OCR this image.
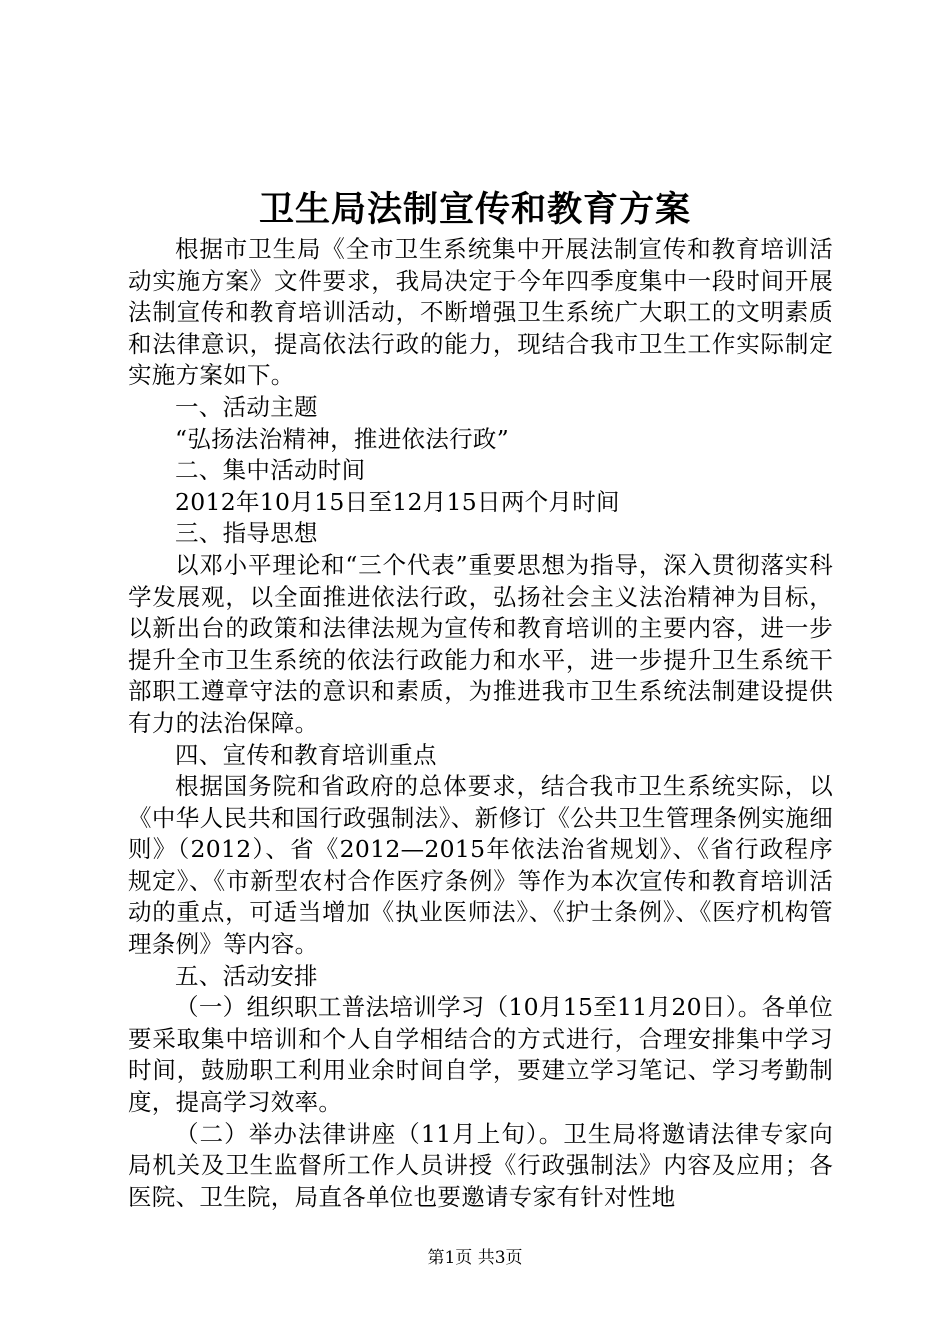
卫生局法制宣传和教育方案

根据市卫生局《全市卫生系统集中开展法制宣传和教育培训活动实施方案》文件要求，我局决定于今年四季度集中一段时间开展法制宣传和教育培训活动，不断增强卫生系统广大职工的文明素质和法律意识，提高依法行政的能力，现结合我市卫生工作实际制定实施方案如下。

一、活动主题

“弘扬法治精神，推进依法行政”

二、集中活动时间

2012年10月15日至12月15日两个月时间

三、指导思想

以邓小平理论和“三个代表”重要思想为指导，深入贯彻落实科学发展观，以全面推进依法行政，弘扬社会主义法治精神为目标，以新出台的政策和法律法规为宣传和教育培训的主要内容，进一步提升全市卫生系统的依法行政能力和水平，进一步提升卫生系统干部职工遵章守法的意识和素质，为推进我市卫生系统法制建设提供有力的法治保障。

四、宣传和教育培训重点

根据国务院和省政府的总体要求，结合我市卫生系统实际，以《中华人民共和国行政强制法》、新修订《公共卫生管理条例实施细则》（2012）、省《2012—2015年依法治省规划》、《省行政程序规定》、《市新型农村合作医疗条例》等作为本次宣传和教育培训活动的重点，可适当增加《执业医师法》、《护士条例》、《医疗机构管理条例》等内容。

五、活动安排

（一）组织职工普法培训学习（10月15至11月20日）。各单位要采取集中培训和个人自学相结合的方式进行，合理安排集中学习时间，鼓励职工利用业余时间自学，要建立学习笔记、学习考勤制度，提高学习效率。

（二）举办法律讲座（11月上旬）。卫生局将邀请法律专家向局机关及卫生监督所工作人员讲授《行政强制法》内容及应用；各医院、卫生院，局直各单位也要邀请专家有针对性地

第1页 共3页
